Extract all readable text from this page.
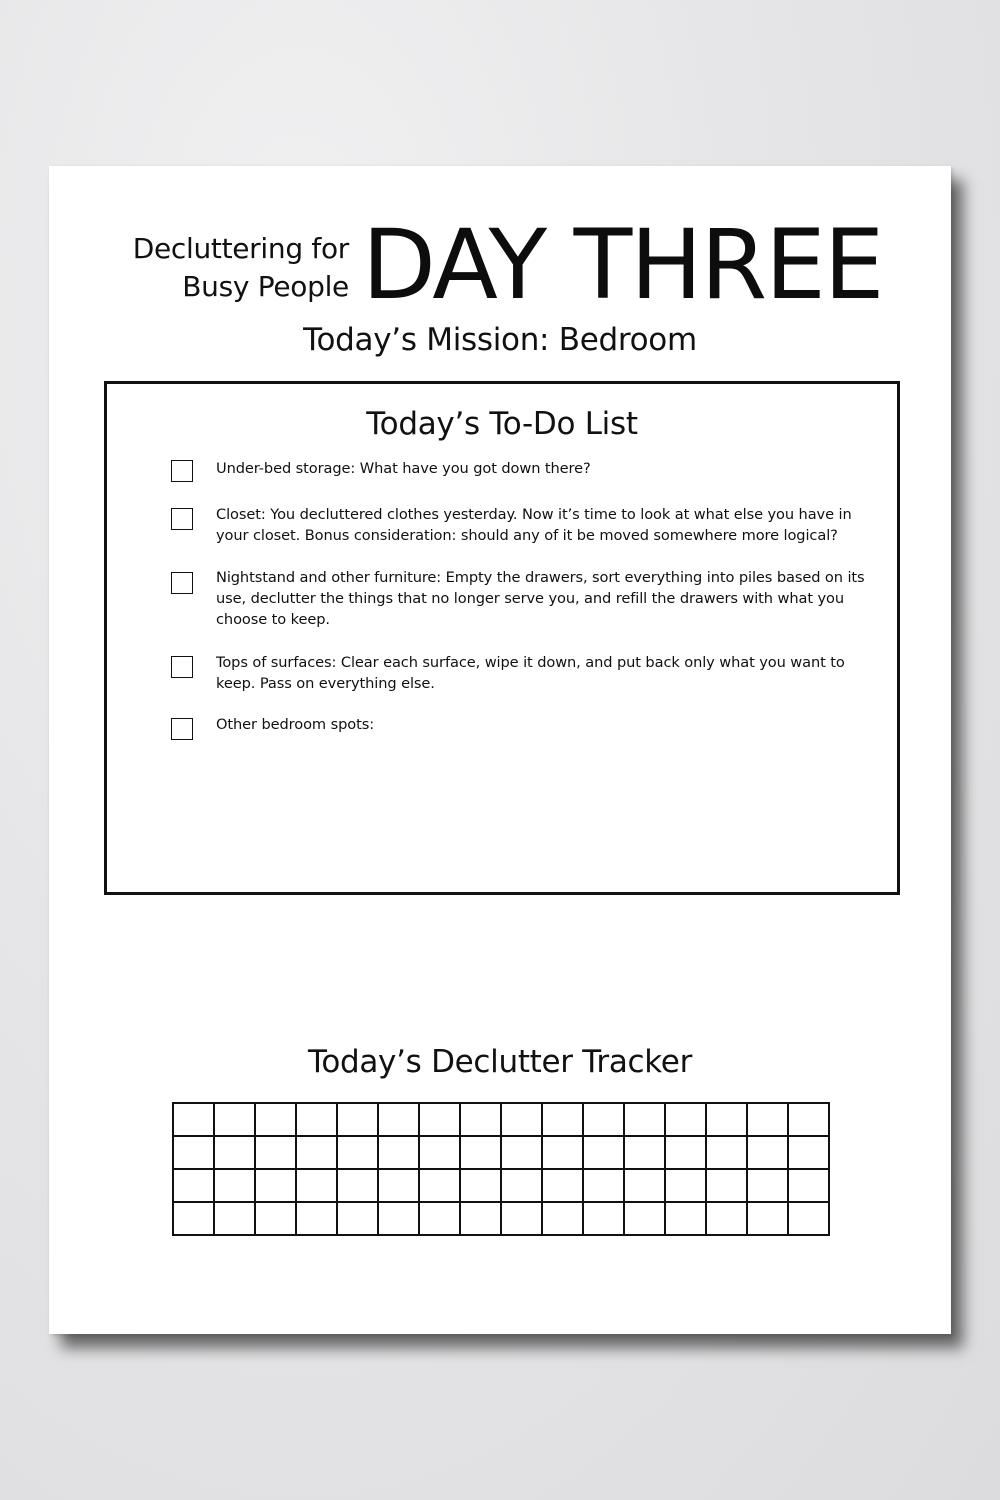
Decluttering for
Busy People DAY THREE
Today’s Mission: Bedroom
Today’s To-Do List
Under-bed storage: What have you got down there?
Closet: You decluttered clothes yesterday. Now it’s time to look at what else you have in your closet. Bonus consideration: should any of it be moved somewhere more logical?
Nightstand and other furniture: Empty the drawers, sort everything into piles based on its use, declutter the things that no longer serve you, and refill the drawers with what you choose to keep.
Tops of surfaces: Clear each surface, wipe it down, and put back only what you want to keep. Pass on everything else.
Other bedroom spots:
Today’s Declutter Tracker
